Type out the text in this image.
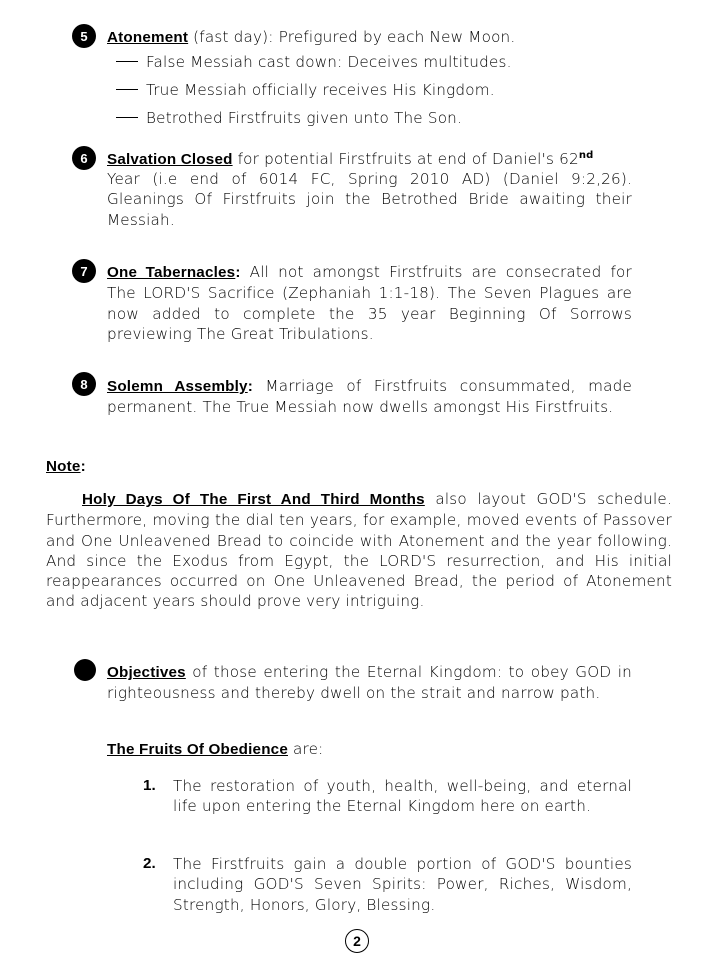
5	Atonement (fast day): Prefigured by each New Moon.
False Messiah cast down: Deceives multitudes.
True Messiah officially receives His Kingdom.
Betrothed Firstfruits given unto The Son.
6	Salvation Closed for potential Firstfruits at end of Daniel's 62nd
Year (i.e end of 6014 FC, Spring 2010 AD) (Daniel 9:2,26). Gleanings Of Firstfruits join the Betrothed Bride awaiting their Messiah.
7	One Tabernacles: All not amongst Firstfruits are consecrated for The LORD'S Sacrifice (Zephaniah 1:1-18). The Seven Plagues are now added to complete the 35 year Beginning Of Sorrows previewing The Great Tribulations.
8	Solemn Assembly: Marriage of Firstfruits consummated, made permanent. The True Messiah now dwells amongst His Firstfruits.
Note:
Holy Days Of The First And Third Months also layout GOD'S schedule. Furthermore, moving the dial ten years, for example, moved events of Passover and One Unleavened Bread to coincide with Atonement and the year following. And since the Exodus from Egypt, the LORD'S resurrection, and His initial reappearances occurred on One Unleavened Bread, the period of Atonement and adjacent years should prove very intriguing.
Objectives of those entering the Eternal Kingdom: to obey GOD in righteousness and thereby dwell on the strait and narrow path.
The Fruits Of Obedience are:
1. The restoration of youth, health, well-being, and eternal life upon entering the Eternal Kingdom here on earth.
2. The Firstfruits gain a double portion of GOD'S bounties including GOD'S Seven Spirits: Power, Riches, Wisdom, Strength, Honors, Glory, Blessing.
2
